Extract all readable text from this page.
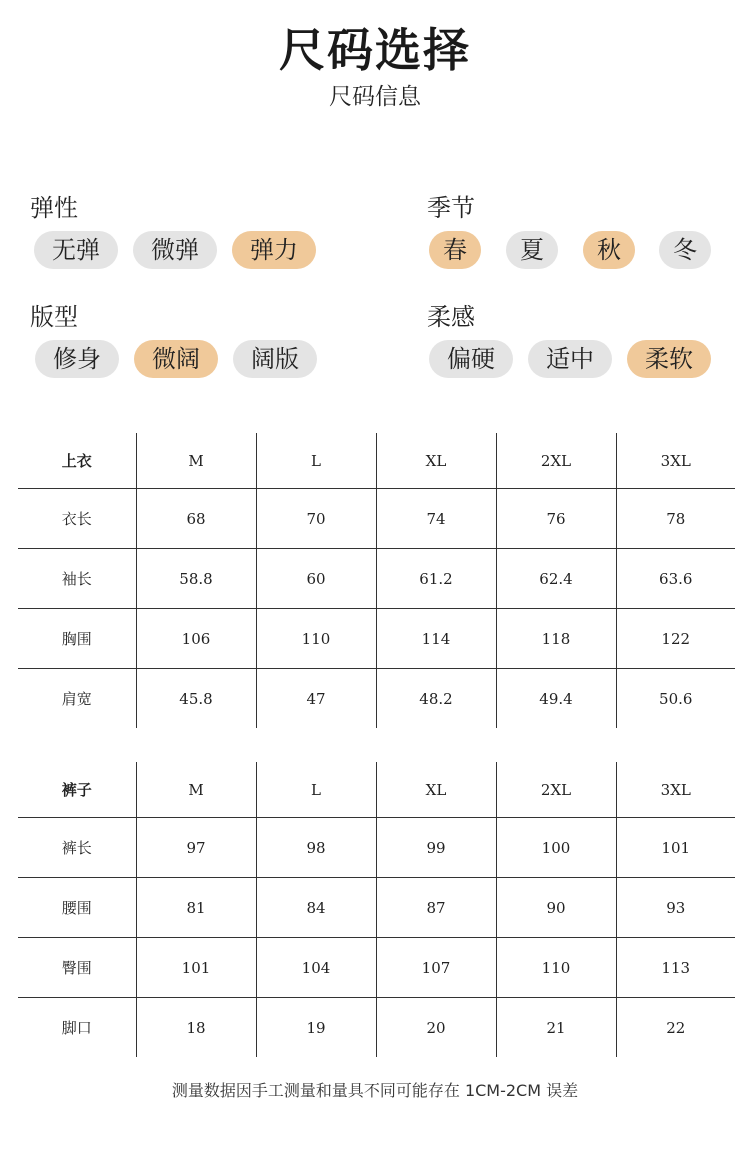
尺码选择
尺码信息
弹性
无弹	微弹	弹力
季节
春	夏	秋	冬
版型
修身	微阔	阔版
柔感
偏硬	适中	柔软
上衣	M	L	XL	2XL	3XL
衣长	68	70	74	76	78
袖长	58.8	60	61.2	62.4	63.6
胸围	106	110	114	118	122
肩宽	45.8	47	48.2	49.4	50.6
裤子	M	L	XL	2XL	3XL
裤长	97	98	99	100	101
腰围	81	84	87	90	93
臀围	101	104	107	110	113
脚口	18	19	20	21	22
测量数据因手工测量和量具不同可能存在 1CM-2CM 误差
